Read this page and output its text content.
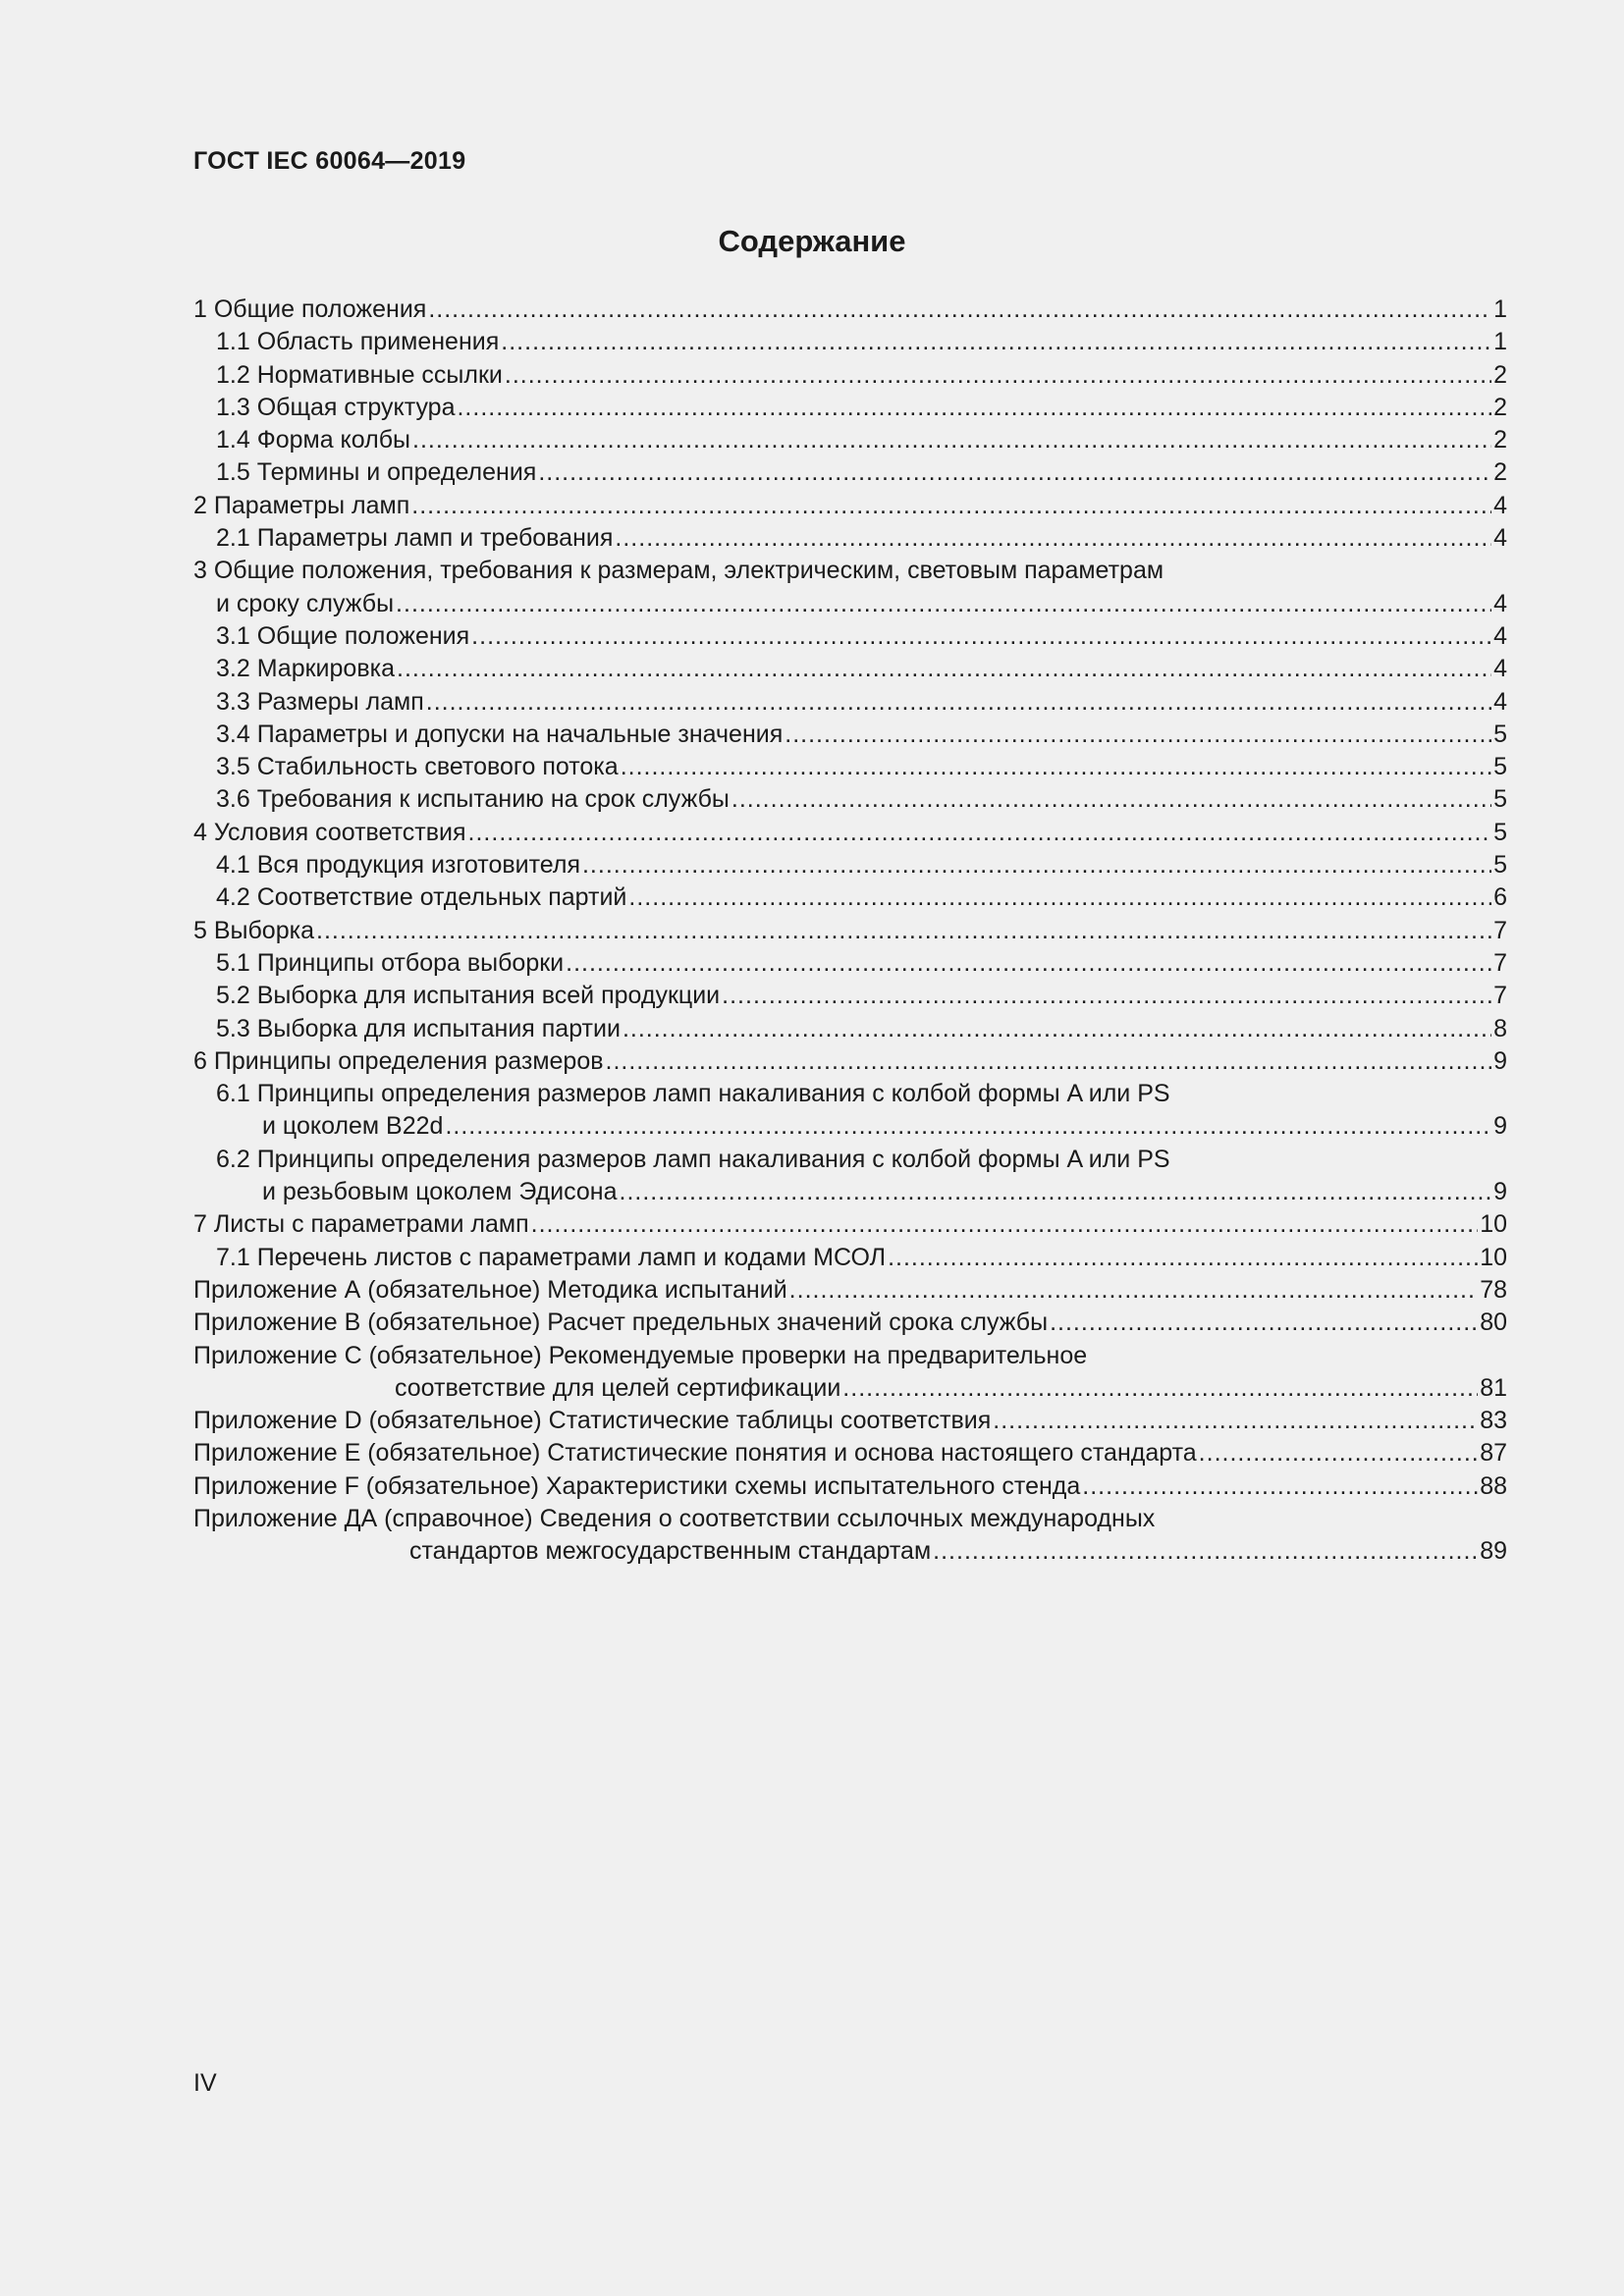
ГОСТ IEC 60064—2019
Содержание
1 Общие положения .....	1
1.1 Область применения .....	1
1.2 Нормативные ссылки .....	2
1.3 Общая структура .....	2
1.4 Форма колбы .....	2
1.5 Термины и определения .....	2
2 Параметры ламп .....	4
2.1 Параметры ламп и требования .....	4
3 Общие положения, требования к размерам, электрическим, световым параметрам
и сроку службы .....	4
3.1 Общие положения .....	4
3.2 Маркировка .....	4
3.3 Размеры ламп .....	4
3.4 Параметры и допуски на начальные значения .....	5
3.5 Стабильность светового потока .....	5
3.6 Требования к испытанию на срок службы .....	5
4 Условия соответствия .....	5
4.1 Вся продукция изготовителя .....	5
4.2 Соответствие отдельных партий .....	6
5 Выборка .....	7
5.1 Принципы отбора выборки .....	7
5.2 Выборка для испытания всей продукции .....	7
5.3 Выборка для испытания партии .....	8
6 Принципы определения размеров .....	9
6.1 Принципы определения размеров ламп накаливания с колбой формы A или PS
и цоколем B22d .....	9
6.2 Принципы определения размеров ламп накаливания с колбой формы A или PS
и резьбовым цоколем Эдисона .....	9
7 Листы с параметрами ламп .....	10
7.1 Перечень листов с параметрами ламп и кодами МСОЛ .....	10
Приложение А (обязательное) Методика испытаний .....	78
Приложение В (обязательное) Расчет предельных значений срока службы .....	80
Приложение С (обязательное) Рекомендуемые проверки на предварительное
соответствие для целей сертификации .....	81
Приложение D (обязательное) Статистические таблицы соответствия .....	83
Приложение Е (обязательное) Статистические понятия и основа настоящего стандарта .....	87
Приложение F (обязательное) Характеристики схемы испытательного стенда .....	88
Приложение ДА (справочное) Сведения о соответствии ссылочных международных
стандартов межгосударственным стандартам .....	89
IV
